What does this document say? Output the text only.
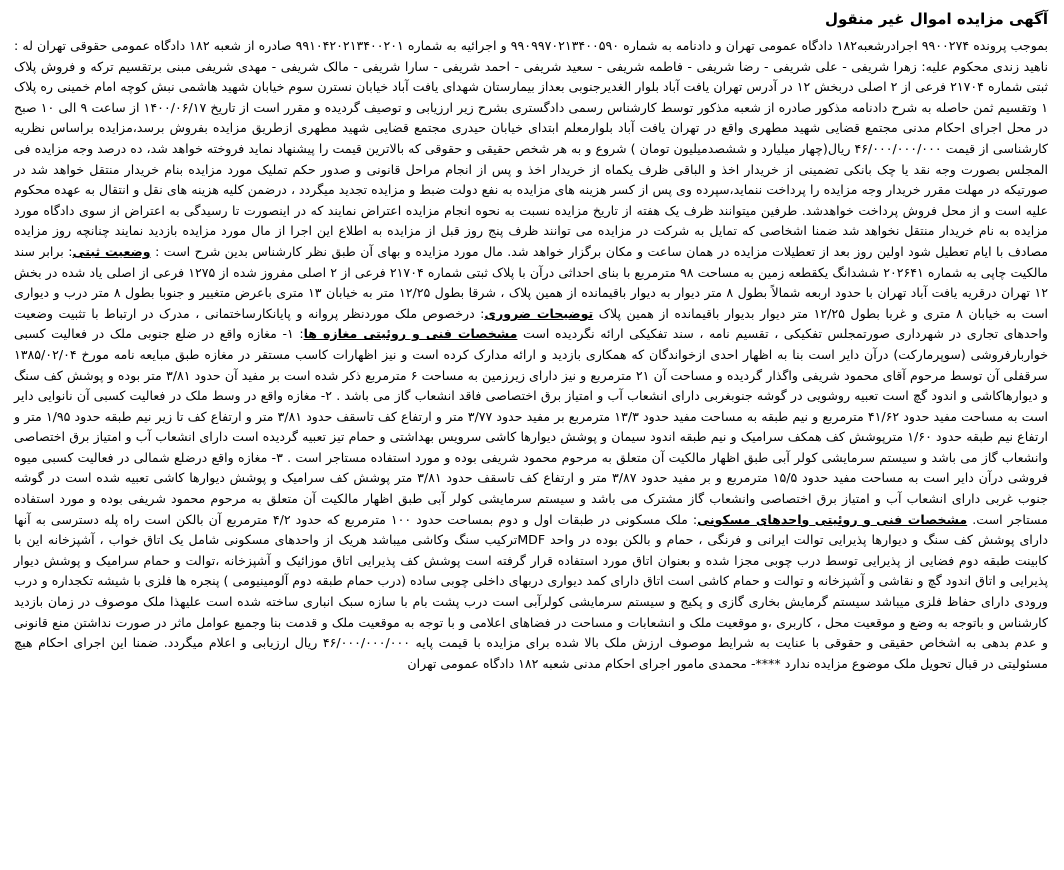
آگهی مزایده اموال غیر منقول

بموجب پرونده ۹۹۰۰۲۷۴ اجرادرشعبه۱۸۲ دادگاه عمومی تهران و دادنامه به شماره ۹۹۰۹۹۷۰۲۱۳۴۰۰۵۹۰ و اجرائیه به شماره ۹۹۱۰۴۲۰۲۱۳۴۰۰۲۰۱ صادره از شعبه ۱۸۲ دادگاه عمومی حقوقی تهران له : ناهید زندی محکوم علیه: زهرا شریفی - علی شریفی - رضا شریفی - فاطمه شریفی - سعید شریفی - احمد شریفی - سارا شریفی - مالک شریفی - مهدی شریفی مبنی برتقسیم ترکه و فروش پلاک ثبتی شماره ۲۱۷۰۴ فرعی از ۲ اصلی دربخش ۱۲ در آدرس تهران یافت آباد بلوار الغدیرجنوبی بعداز بیمارستان شهدای یافت آباد خیابان نسترن سوم خیابان شهید هاشمی نبش کوچه امام خمینی ره پلاک ۱ وتقسیم ثمن حاصله به شرح دادنامه مذکور صادره از شعبه مذکور توسط کارشناس رسمی دادگستری بشرح زیر ارزیابی و توصیف گردیده و مقرر است از تاریخ ۱۴۰۰/۰۶/۱۷ از ساعت ۹ الی ۱۰ صبح در محل اجرای احکام مدنی مجتمع قضایی شهید مطهری واقع در تهران یافت آباد بلوارمعلم ابتدای خیابان حیدری مجتمع قضایی شهید مطهری ازطریق مزایده بفروش برسد،مزایده براساس نظریه کارشناسی از قیمت ۴۶/۰۰۰/۰۰۰/۰۰۰ ریال(چهار میلیارد و ششصدمیلیون تومان ) شروع و به هر شخص حقیقی و حقوقی که بالاترین قیمت را پیشنهاد نماید فروخته خواهد شد، ده درصد وجه مزایده فی المجلس بصورت وجه نقد یا چک بانکی تضمینی از خریدار اخذ و الباقی ظرف یکماه از خریدار اخذ و پس از انجام مراحل قانونی و صدور حکم تملیک مورد مزایده بنام خریدار منتقل خواهد شد در صورتیکه در مهلت مقرر خریدار وجه مزایده را پرداخت ننماید،سپرده وی پس از کسر هزینه های مزایده به نفع دولت ضبط و مزایده تجدید میگردد ، درضمن کلیه هزینه های نقل و انتقال به عهده محکوم علیه است و از محل فروش پرداخت خواهدشد. طرفین میتوانند ظرف یک هفته از تاریخ مزایده نسبت به نحوه انجام مزایده اعتراض نمایند که در اینصورت تا رسیدگی به اعتراض از سوی دادگاه مورد مزایده به نام خریدار منتقل نخواهد شد ضمنا اشخاصی که تمایل به شرکت در مزایده می توانند ظرف پنج روز قبل از مزایده به اطلاع این اجرا از مال مورد مزایده بازدید نمایند چنانچه روز مزایده مصادف با ایام تعطیل شود اولین روز بعد از تعطیلات مزایده در همان ساعت و مکان برگزار خواهد شد. مال مورد مزایده و بهای آن طبق نظر کارشناس بدین شرح است : وضعیت ثبتی: برابر سند مالکیت چاپی به شماره ۲۰۲۶۴۱ ششدانگ یکقطعه زمین به مساحت ۹۸ مترمربع با بنای احداثی درآن با پلاک ثبتی شماره ۲۱۷۰۴ فرعی از ۲ اصلی مفروز شده از ۱۲۷۵ فرعی از اصلی یاد شده در بخش ۱۲ تهران درقریه یافت آباد تهران با حدود اربعه شمالاً بطول ۸ متر دیوار به دیوار باقیمانده از همین پلاک ، شرقا بطول ۱۲/۲۵ متر به خیابان ۱۳ متری باعرض متغییر و جنوبا بطول ۸ متر درب و دیواری است به خیابان ۸ متری و غربا بطول ۱۲/۲۵ متر دیوار بدیوار باقیمانده از همین پلاک توضیحات ضروری: درخصوص ملک موردنظر پروانه و پایانکارساختمانی ، مدرک در ارتباط با تثبیت وضعیت واحدهای تجاری در شهرداری صورتمجلس تفکیکی ، تقسیم نامه ، سند تفکیکی ارائه نگردیده است مشخصات فنی و روئیتی مغازه ها: ۱- مغازه واقع در ضلع جنوبی ملک در فعالیت کسبی خواربارفروشی (سوپرمارکت) درآن دایر است بنا به اظهار احدی ازخواندگان که همکاری بازدید و ارائه مدارک کرده است و نیز اظهارات کاسب مستقر در مغازه طبق مبایعه نامه مورخ ۱۳۸۵/۰۲/۰۴ سرقفلی آن توسط مرحوم آقای محمود شریفی واگذار گردیده و مساحت آن ۲۱ مترمربع و نیز دارای زیرزمین به مساحت ۶ مترمربع ذکر شده است بر مفید آن حدود ۳/۸۱ متر بوده و پوشش کف سنگ و دیوارهاکاشی و اندود گچ است تعبیه روشویی در گوشه جنوبغربی دارای انشعاب آب و امتیاز برق اختصاصی فاقد انشعاب گاز می باشد . ۲- مغازه واقع در وسط ملک در فعالیت کسبی آن نانوایی دایر است به مساحت مفید حدود ۴۱/۶۲ مترمربع و نیم طبقه به مساحت مفید حدود ۱۳/۳ مترمربع بر مفید حدود ۳/۷۷ متر و ارتفاع کف تاسقف حدود ۳/۸۱ متر و ارتفاع کف تا زیر نیم طبقه حدود ۱/۹۵ متر و ارتفاع نیم طبقه حدود ۱/۶۰ مترپوشش کف همکف سرامیک و نیم طبقه اندود سیمان و پوشش دیوارها کاشی سرویس بهداشتی و حمام تیز تعبیه گردیده است دارای انشعاب آب و امتیاز برق اختصاصی وانشعاب گاز می باشد و سیستم سرمایشی کولر آبی طبق اظهار مالکیت آن متعلق به مرحوم محمود شریفی بوده و مورد استفاده مستاجر است . ۳- مغازه واقع درضلع شمالی در فعالیت کسبی میوه فروشی درآن دایر است به مساحت مفید حدود ۱۵/۵ مترمربع و بر مفید حدود ۳/۸۷ متر و ارتفاع کف تاسقف حدود ۳/۸۱ متر پوشش کف سرامیک و پوشش دیوارها کاشی تعبیه شده است در گوشه جنوب غربی دارای انشعاب آب و امتیاز برق اختصاصی وانشعاب گاز مشترک می باشد و سیستم سرمایشی کولر آبی طبق اظهار مالکیت آن متعلق به مرحوم محمود شریفی بوده و مورد استفاده مستاجر است. مشخصات فنی و روئیتی واحدهای مسکونی: ملک مسکونی در طبقات اول و دوم بمساحت حدود ۱۰۰ مترمربع که حدود ۴/۲ مترمربع آن بالکن است راه پله دسترسی به آنها دارای پوشش کف سنگ و دیوارها پذیرایی توالت ایرانی و فرنگی ، حمام و بالکن بوده در واحد MDFترکیب سنگ وکاشی میباشد هریک از واحدهای مسکونی شامل یک اتاق خواب ، آشپزخانه این با کابینت طبقه دوم فضایی از پذیرایی توسط درب چوبی مجزا شده و بعنوان اتاق مورد استفاده قرار گرفته است پوشش کف پذیرایی اتاق موزائیک و آشپزخانه ،توالت و حمام سرامیک و پوشش دیوار پذیرایی و اتاق اندود گچ و نقاشی و آشپزخانه و توالت و حمام کاشی است اتاق دارای کمد دیواری دربهای داخلی چوبی ساده (درب حمام طبقه دوم آلومینیومی ) پنجره ها فلزی با شیشه تکجداره و درب ورودی دارای حفاظ فلزی میباشد سیستم گرمایش بخاری گازی و پکیج و سیستم سرمایشی کولرآبی است درب پشت بام با سازه سبک انباری ساخته شده است علیهذا ملک موصوف در زمان بازدید کارشناس و باتوجه به وضع و موقعیت محل ، کاربری ،و موقعیت ملک و انشعابات و مساحت در فضاهای اعلامی و با توجه به موقعیت ملک و قدمت بنا وجمیع عوامل ماثر در صورت نداشتن منع قانونی و عدم بدهی به اشخاص حقیقی و حقوقی با عنایت به شرایط موصوف ارزش ملک بالا شده برای مزایده با قیمت پایه ۴۶/۰۰۰/۰۰۰/۰۰۰ ریال ارزیابی و اعلام میگردد. ضمنا این اجرای احکام هیچ مسئولیتی در قبال تحویل ملک موضوع مزایده ندارد ****- محمدی مامور اجرای احکام مدنی شعبه ۱۸۲ دادگاه عمومی تهران
